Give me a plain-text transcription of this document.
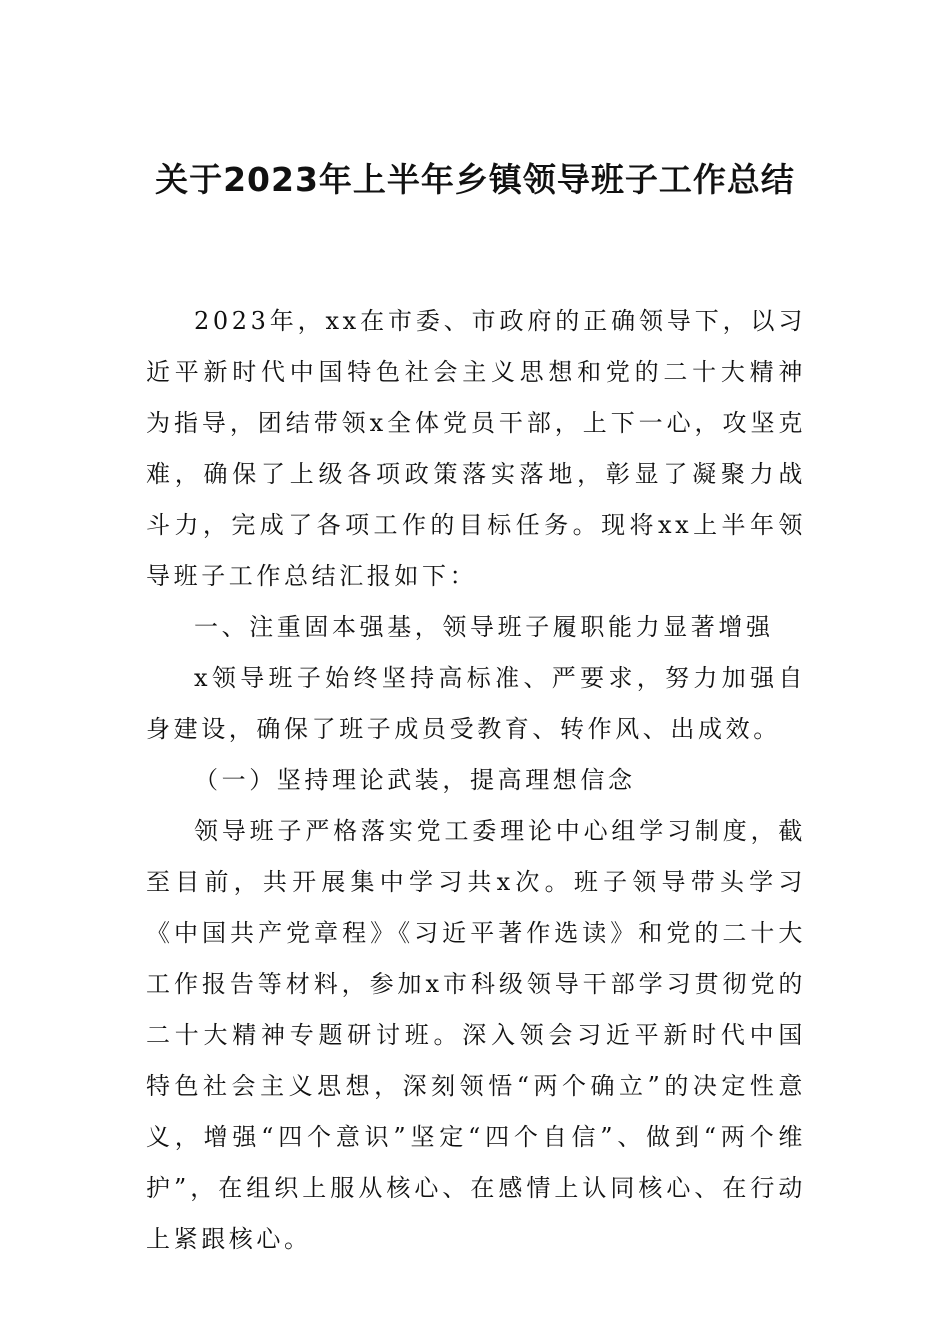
关于2023年上半年乡镇领导班子工作总结

2023年，xx在市委、市政府的正确领导下，以习近平新时代中国特色社会主义思想和党的二十大精神为指导，团结带领x全体党员干部，上下一心，攻坚克难，确保了上级各项政策落实落地，彰显了凝聚力战斗力，完成了各项工作的目标任务。现将xx上半年领导班子工作总结汇报如下：

一、注重固本强基，领导班子履职能力显著增强

x领导班子始终坚持高标准、严要求，努力加强自身建设，确保了班子成员受教育、转作风、出成效。

（一）坚持理论武装，提高理想信念

领导班子严格落实党工委理论中心组学习制度，截至目前，共开展集中学习共x次。班子领导带头学习《中国共产党章程》《习近平著作选读》和党的二十大工作报告等材料，参加x市科级领导干部学习贯彻党的二十大精神专题研讨班。深入领会习近平新时代中国特色社会主义思想，深刻领悟“两个确立”的决定性意义，增强“四个意识”坚定“四个自信”、做到“两个维护”，在组织上服从核心、在感情上认同核心、在行动上紧跟核心。
